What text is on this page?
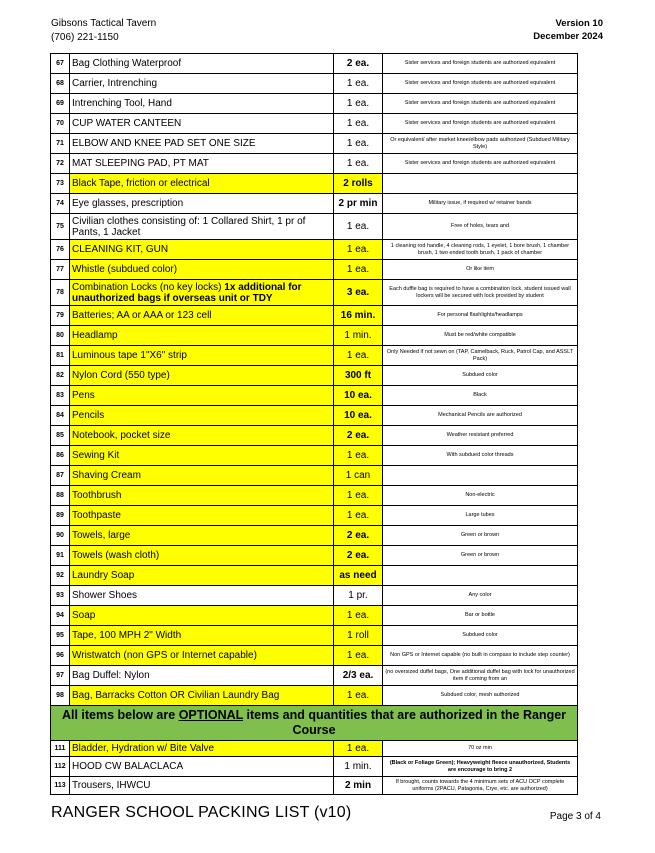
Gibsons Tactical Tavern
(706) 221-1150
Version 10
December 2024
67	Bag Clothing Waterproof	2 ea.	Sister services and foreign students are authorized equivalent
68	Carrier, Intrenching	1 ea.	Sister services and foreign students are authorized equivalent
69	Intrenching Tool, Hand	1 ea.	Sister services and foreign students are authorized equivalent
70	CUP WATER CANTEEN	1 ea.	Sister services and foreign students are authorized equivalent
71	ELBOW AND KNEE PAD SET ONE SIZE	1 ea.	Or equivalent/ after market knee/elbow pads authorized (Subdued Military Style)
72	MAT SLEEPING PAD, PT MAT	1 ea.	Sister services and foreign students are authorized equivalent
73	Black Tape, friction or electrical	2 rolls	
74	Eye glasses, prescription	2 pr min	Military issue, if required w/ retainer bands
75	Civilian clothes consisting of: 1 Collared Shirt, 1 pr of Pants, 1 Jacket	1 ea.	Free of holes, tears and
76	CLEANING KIT, GUN	1 ea.	1 cleaning rod handle, 4 cleaning rods, 1 eyelet, 1 bore brush, 1 chamber brush, 1 two ended tooth brush, 1 pack of chamber
77	Whistle (subdued color)	1 ea.	Or like item
78	Combination Locks (no key locks) 1x additional for unauthorized bags if overseas unit or TDY	3 ea.	Each duffle bag is required to have a combination lock, student issued wall lockers will be secured with lock provided by student
79	Batteries; AA or AAA or 123 cell	16 min.	For personal flashlights/headlamps
80	Headlamp	1 min.	Must be red/white compatible
81	Luminous tape 1"X6" strip	1 ea.	Only Needed if not sewn on (TAP, Camelback, Ruck, Patrol Cap, and ASSLT Pack)
82	Nylon Cord (550 type)	300 ft	Subdued color
83	Pens	10 ea.	Black
84	Pencils	10 ea.	Mechanical Pencils are authorized
85	Notebook, pocket size	2 ea.	Weather resistant preferred
86	Sewing Kit	1 ea.	With subdued color threads
87	Shaving Cream	1 can	
88	Toothbrush	1 ea.	Non-electric
89	Toothpaste	1 ea.	Large tubes
90	Towels, large	2 ea.	Green or brown
91	Towels (wash cloth)	2 ea.	Green or brown
92	Laundry Soap	as need	
93	Shower Shoes	1 pr.	Any color
94	Soap	1 ea.	Bar or bottle
95	Tape, 100 MPH 2" Width	1 roll	Subdued color
96	Wristwatch (non GPS or Internet capable)	1 ea.	Non GPS or Internet capable (no built in compass to include step counter)
97	Bag Duffel: Nylon	2/3 ea.	(no oversized duffel bags, One additional duffel bag with lock for unauthorized item if coming from an
98	Bag, Barracks Cotton OR Civilian Laundry Bag	1 ea.	Subdued color, mesh authorized
All items below are OPTIONAL items and quantities that are authorized in the Ranger Course			
111	Bladder, Hydration w/ Bite Valve	1 ea.	70 oz min
112	HOOD CW BALACLACA	1 min.	(Black or Foliage Green); Heavyweight fleece unauthorized, Students are encourage to bring 2
113	Trousers, IHWCU	2 min	If brought, counts towards the 4 minimum sets of ACU OCP complete uniforms (2PACU, Patagonia, Crye, etc. are authorized)
RANGER SCHOOL PACKING LIST (v10)	Page 3 of 4
